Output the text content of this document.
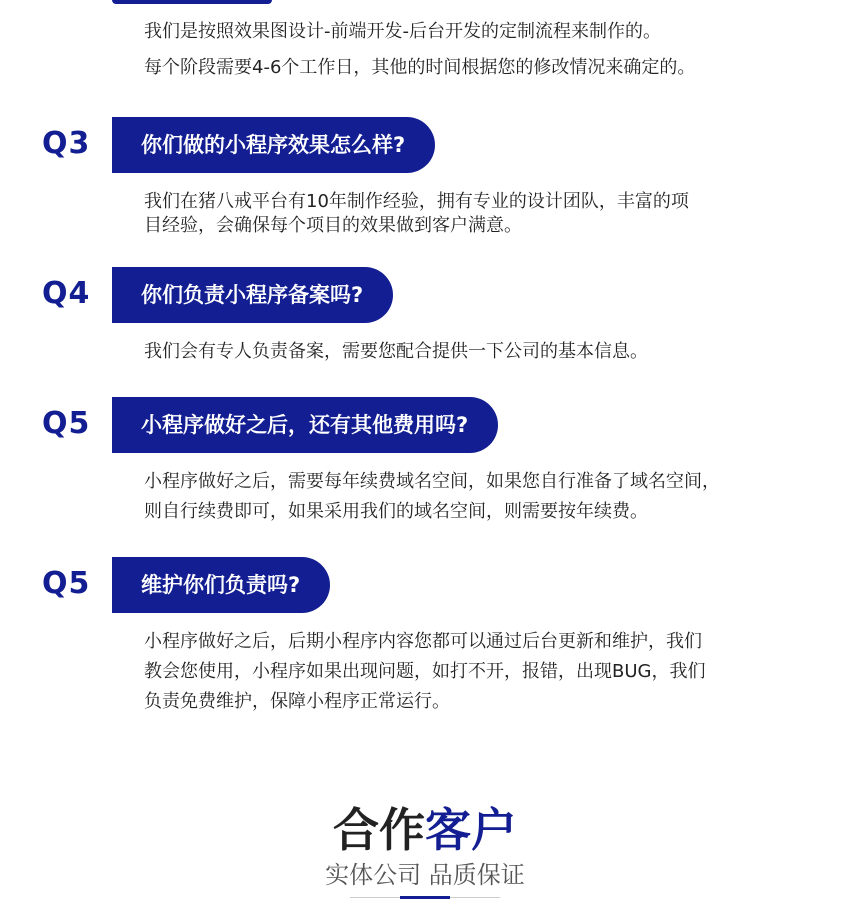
我们是按照效果图设计-前端开发-后台开发的定制流程来制作的。
每个阶段需要4-6个工作日，其他的时间根据您的修改情况来确定的。
Q3	你们做的小程序效果怎么样?
我们在猪八戒平台有10年制作经验，拥有专业的设计团队，丰富的项
目经验，会确保每个项目的效果做到客户满意。
Q4	你们负责小程序备案吗?
我们会有专人负责备案，需要您配合提供一下公司的基本信息。
Q5	小程序做好之后，还有其他费用吗?
小程序做好之后，需要每年续费域名空间，如果您自行准备了域名空间，
则自行续费即可，如果采用我们的域名空间，则需要按年续费。
Q5	维护你们负责吗?
小程序做好之后，后期小程序内容您都可以通过后台更新和维护，我们
教会您使用，小程序如果出现问题，如打不开，报错，出现BUG，我们
负责免费维护，保障小程序正常运行。
合作客户
实体公司 品质保证
